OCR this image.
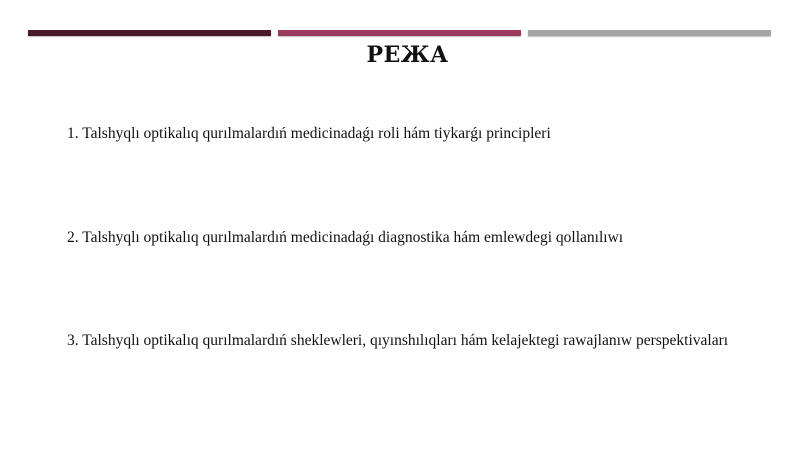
РЕЖА
1. Talshyqlı optikalıq qurılmalardıń medicinadaǵı roli hám tiykarǵı principleri
2. Talshyqlı optikalıq qurılmalardıń medicinadaǵı diagnostika hám emlewdegi qollanılıwı
3. Talshyqlı optikalıq qurılmalardıń sheklewleri, qıyınshılıqları hám kelajektegi rawajlanıw perspektivaları
